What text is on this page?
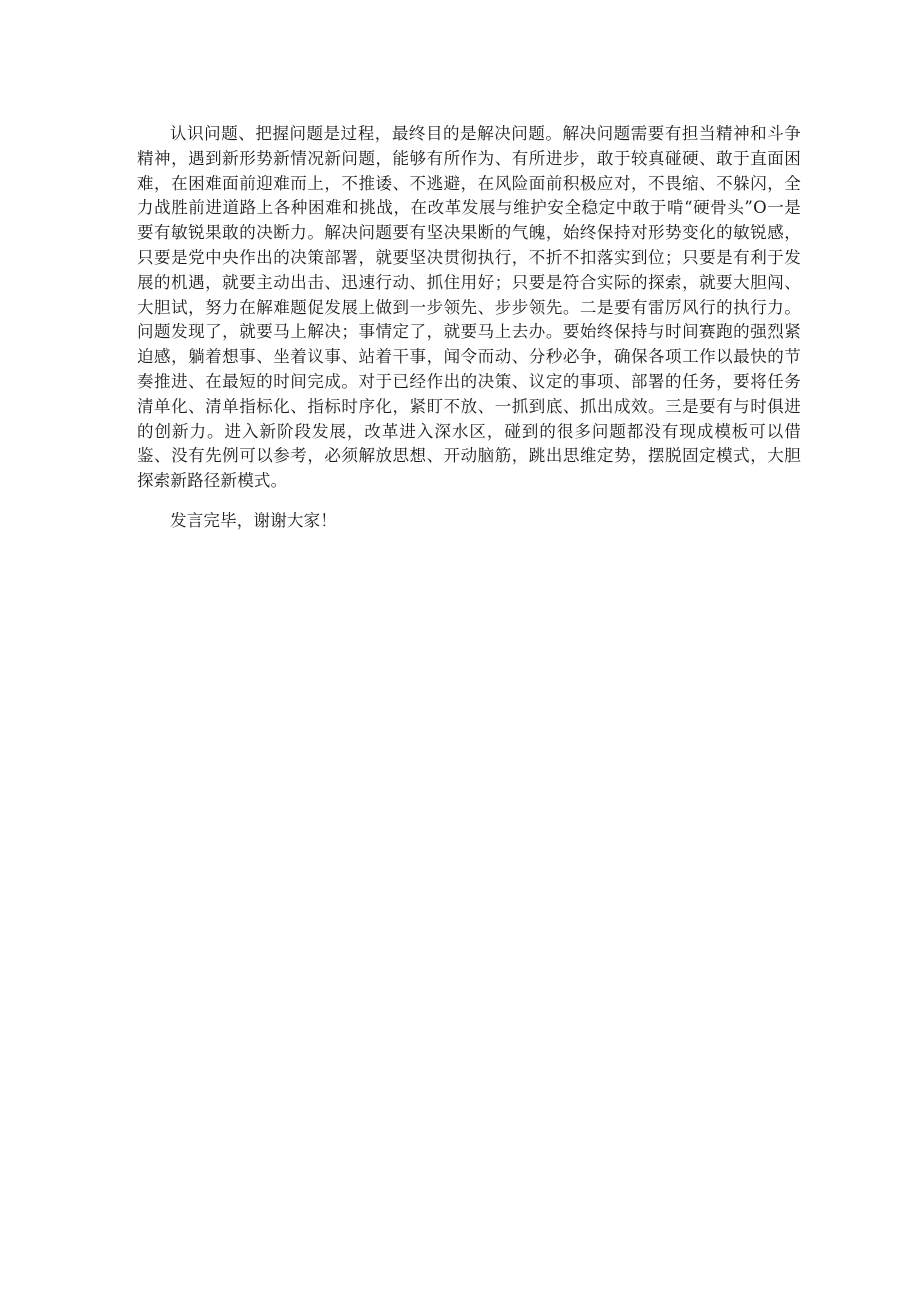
认识问题、把握问题是过程，最终目的是解决问题。解决问题需要有担当精神和斗争精神，遇到新形势新情况新问题，能够有所作为、有所进步，敢于较真碰硬、敢于直面困难，在困难面前迎难而上，不推诿、不逃避，在风险面前积极应对，不畏缩、不躲闪，全力战胜前进道路上各种困难和挑战，在改革发展与维护安全稳定中敢于啃“硬骨头”O一是要有敏锐果敢的决断力。解决问题要有坚决果断的气魄，始终保持对形势变化的敏锐感，只要是党中央作出的决策部署，就要坚决贯彻执行，不折不扣落实到位；只要是有利于发展的机遇，就要主动出击、迅速行动、抓住用好；只要是符合实际的探索，就要大胆闯、大胆试，努力在解难题促发展上做到一步领先、步步领先。二是要有雷厉风行的执行力。问题发现了，就要马上解决；事情定了，就要马上去办。要始终保持与时间赛跑的强烈紧迫感，躺着想事、坐着议事、站着干事，闻令而动、分秒必争，确保各项工作以最快的节奏推进、在最短的时间完成。对于已经作出的决策、议定的事项、部署的任务，要将任务清单化、清单指标化、指标时序化，紧盯不放、一抓到底、抓出成效。三是要有与时俱进的创新力。进入新阶段发展，改革进入深水区，碰到的很多问题都没有现成模板可以借鉴、没有先例可以参考，必须解放思想、开动脑筋，跳出思维定势，摆脱固定模式，大胆探索新路径新模式。

发言完毕，谢谢大家！
